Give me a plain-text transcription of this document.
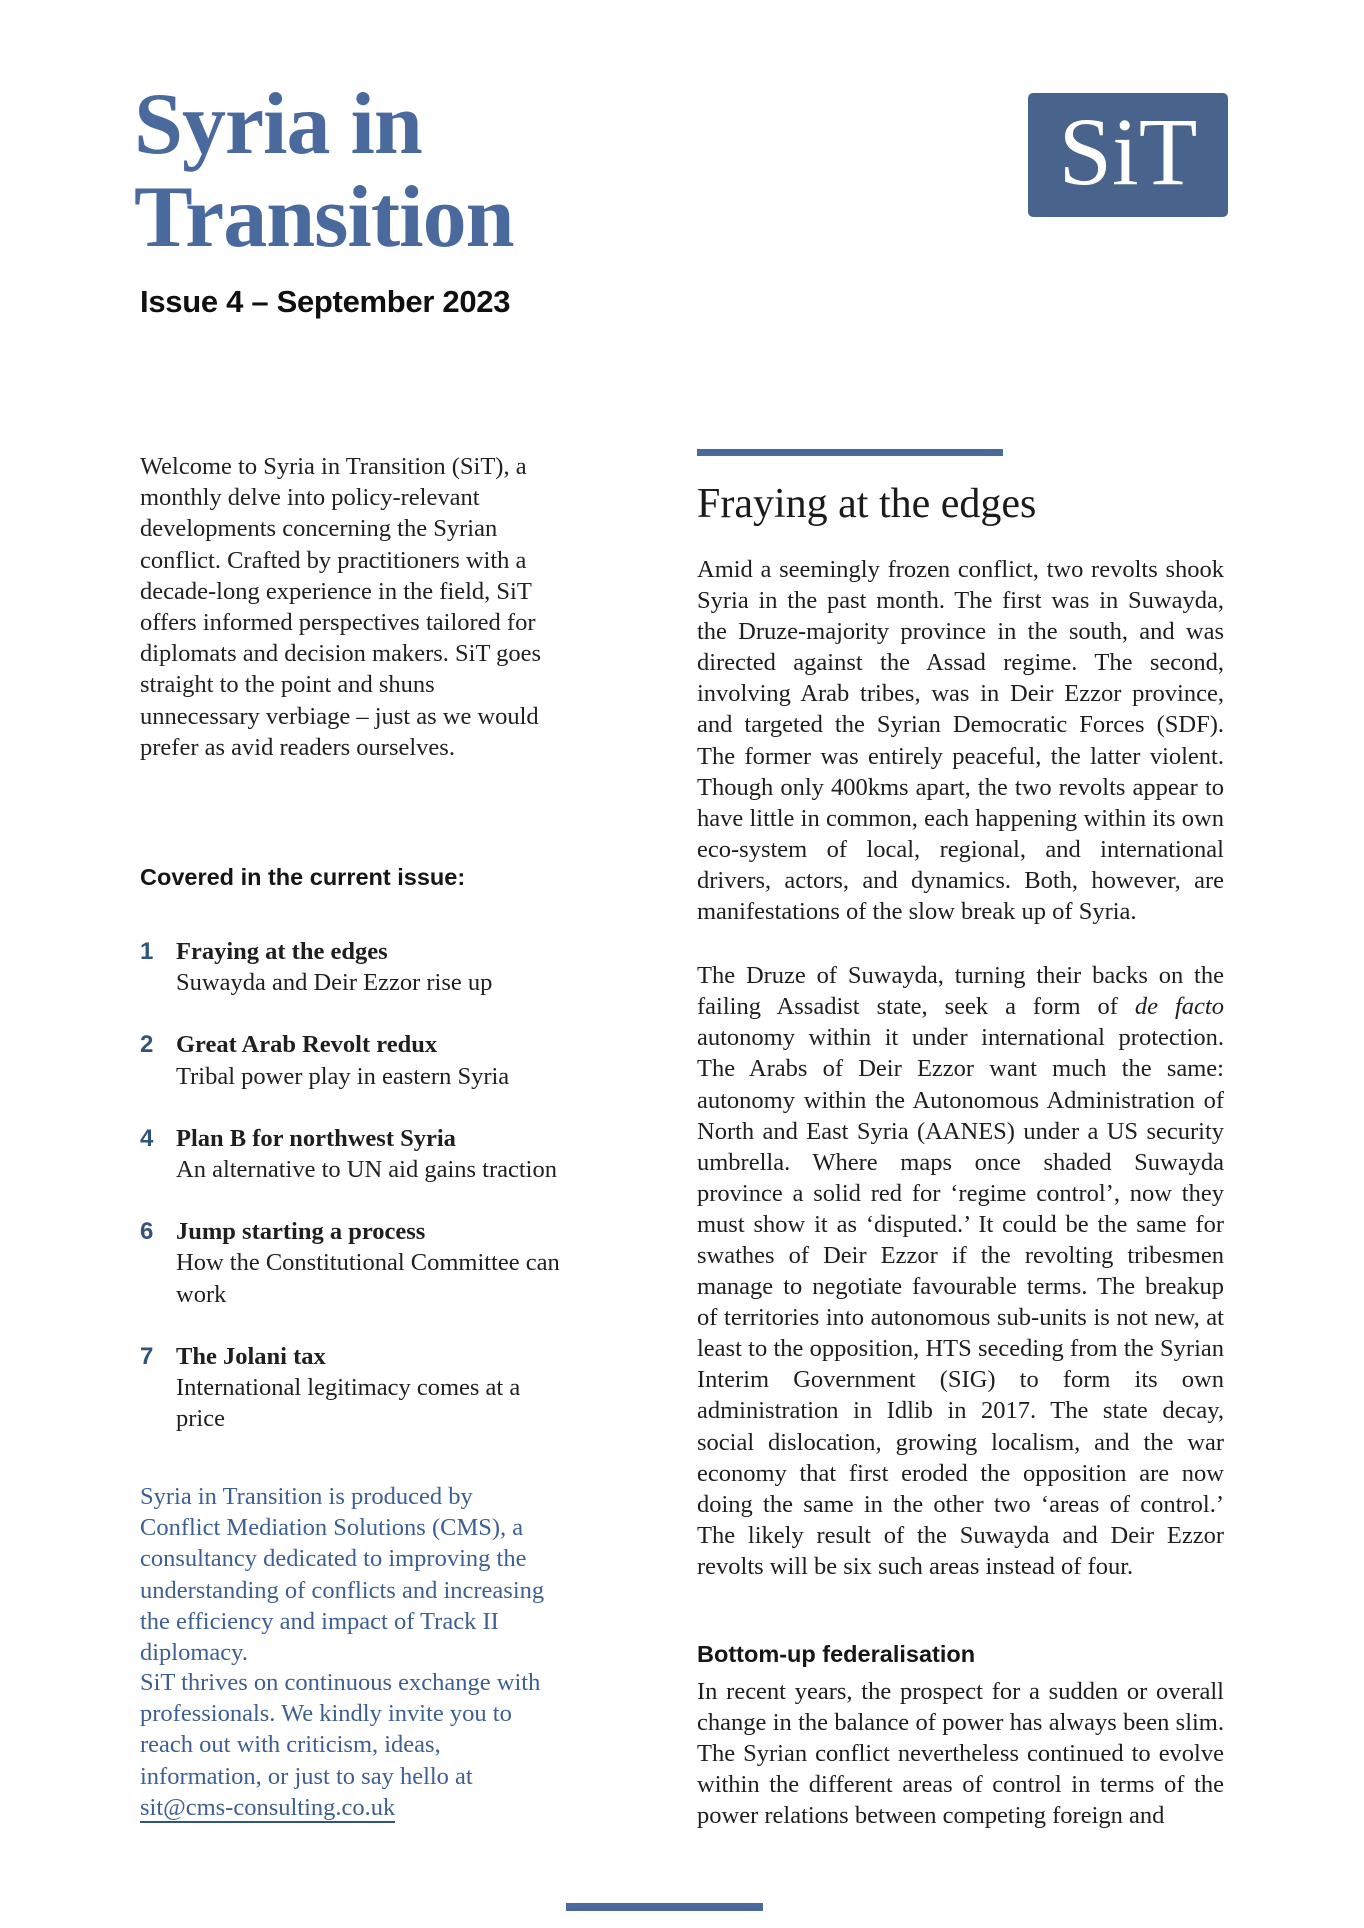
Syria in
Transition
SiT
Issue 4 – September 2023
Welcome to Syria in Transition (SiT), a monthly delve into policy-relevant developments concerning the Syrian conflict. Crafted by practitioners with a decade-long experience in the field, SiT offers informed perspectives tailored for diplomats and decision makers. SiT goes straight to the point and shuns unnecessary verbiage – just as we would prefer as avid readers ourselves.
Covered in the current issue:
1 Fraying at the edges
Suwayda and Deir Ezzor rise up
2 Great Arab Revolt redux
Tribal power play in eastern Syria
4 Plan B for northwest Syria
An alternative to UN aid gains traction
6 Jump starting a process
How the Constitutional Committee can work
7 The Jolani tax
International legitimacy comes at a price
Syria in Transition is produced by Conflict Mediation Solutions (CMS), a consultancy dedicated to improving the understanding of conflicts and increasing the efficiency and impact of Track II diplomacy.
SiT thrives on continuous exchange with professionals. We kindly invite you to reach out with criticism, ideas, information, or just to say hello at sit@cms-consulting.co.uk
Fraying at the edges

Amid a seemingly frozen conflict, two revolts shook Syria in the past month. The first was in Suwayda, the Druze-majority province in the south, and was directed against the Assad regime. The second, involving Arab tribes, was in Deir Ezzor province, and targeted the Syrian Democratic Forces (SDF). The former was entirely peaceful, the latter violent. Though only 400kms apart, the two revolts appear to have little in common, each happening within its own eco-system of local, regional, and international drivers, actors, and dynamics. Both, however, are manifestations of the slow break up of Syria.

The Druze of Suwayda, turning their backs on the failing Assadist state, seek a form of de facto autonomy within it under international protection. The Arabs of Deir Ezzor want much the same: autonomy within the Autonomous Administration of North and East Syria (AANES) under a US security umbrella. Where maps once shaded Suwayda province a solid red for ‘regime control’, now they must show it as ‘disputed.’ It could be the same for swathes of Deir Ezzor if the revolting tribesmen manage to negotiate favourable terms. The breakup of territories into autonomous sub-units is not new, at least to the opposition, HTS seceding from the Syrian Interim Government (SIG) to form its own administration in Idlib in 2017. The state decay, social dislocation, growing localism, and the war economy that first eroded the opposition are now doing the same in the other two ‘areas of control.’ The likely result of the Suwayda and Deir Ezzor revolts will be six such areas instead of four.

Bottom-up federalisation

In recent years, the prospect for a sudden or overall change in the balance of power has always been slim. The Syrian conflict nevertheless continued to evolve within the different areas of control in terms of the power relations between competing foreign and
